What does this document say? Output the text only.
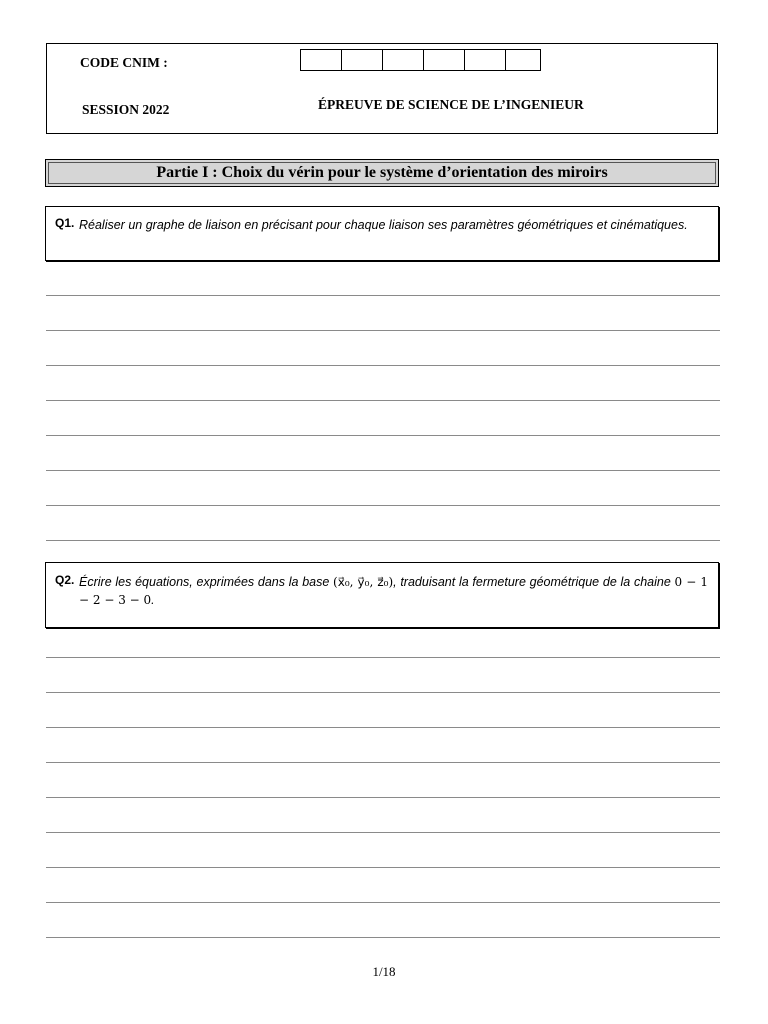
CODE CNIM :
SESSION 2022	ÉPREUVE DE SCIENCE DE L’INGENIEUR
Partie I : Choix du vérin pour le système d’orientation des miroirs
Q1. Réaliser un graphe de liaison en précisant pour chaque liaison ses paramètres géométriques et cinématiques.
Q2. Écrire les équations, exprimées dans la base (x⃗₀, y⃗₀, z⃗₀), traduisant la fermeture géométrique de la chaine 0 − 1 − 2 − 3 − 0.
1/18
